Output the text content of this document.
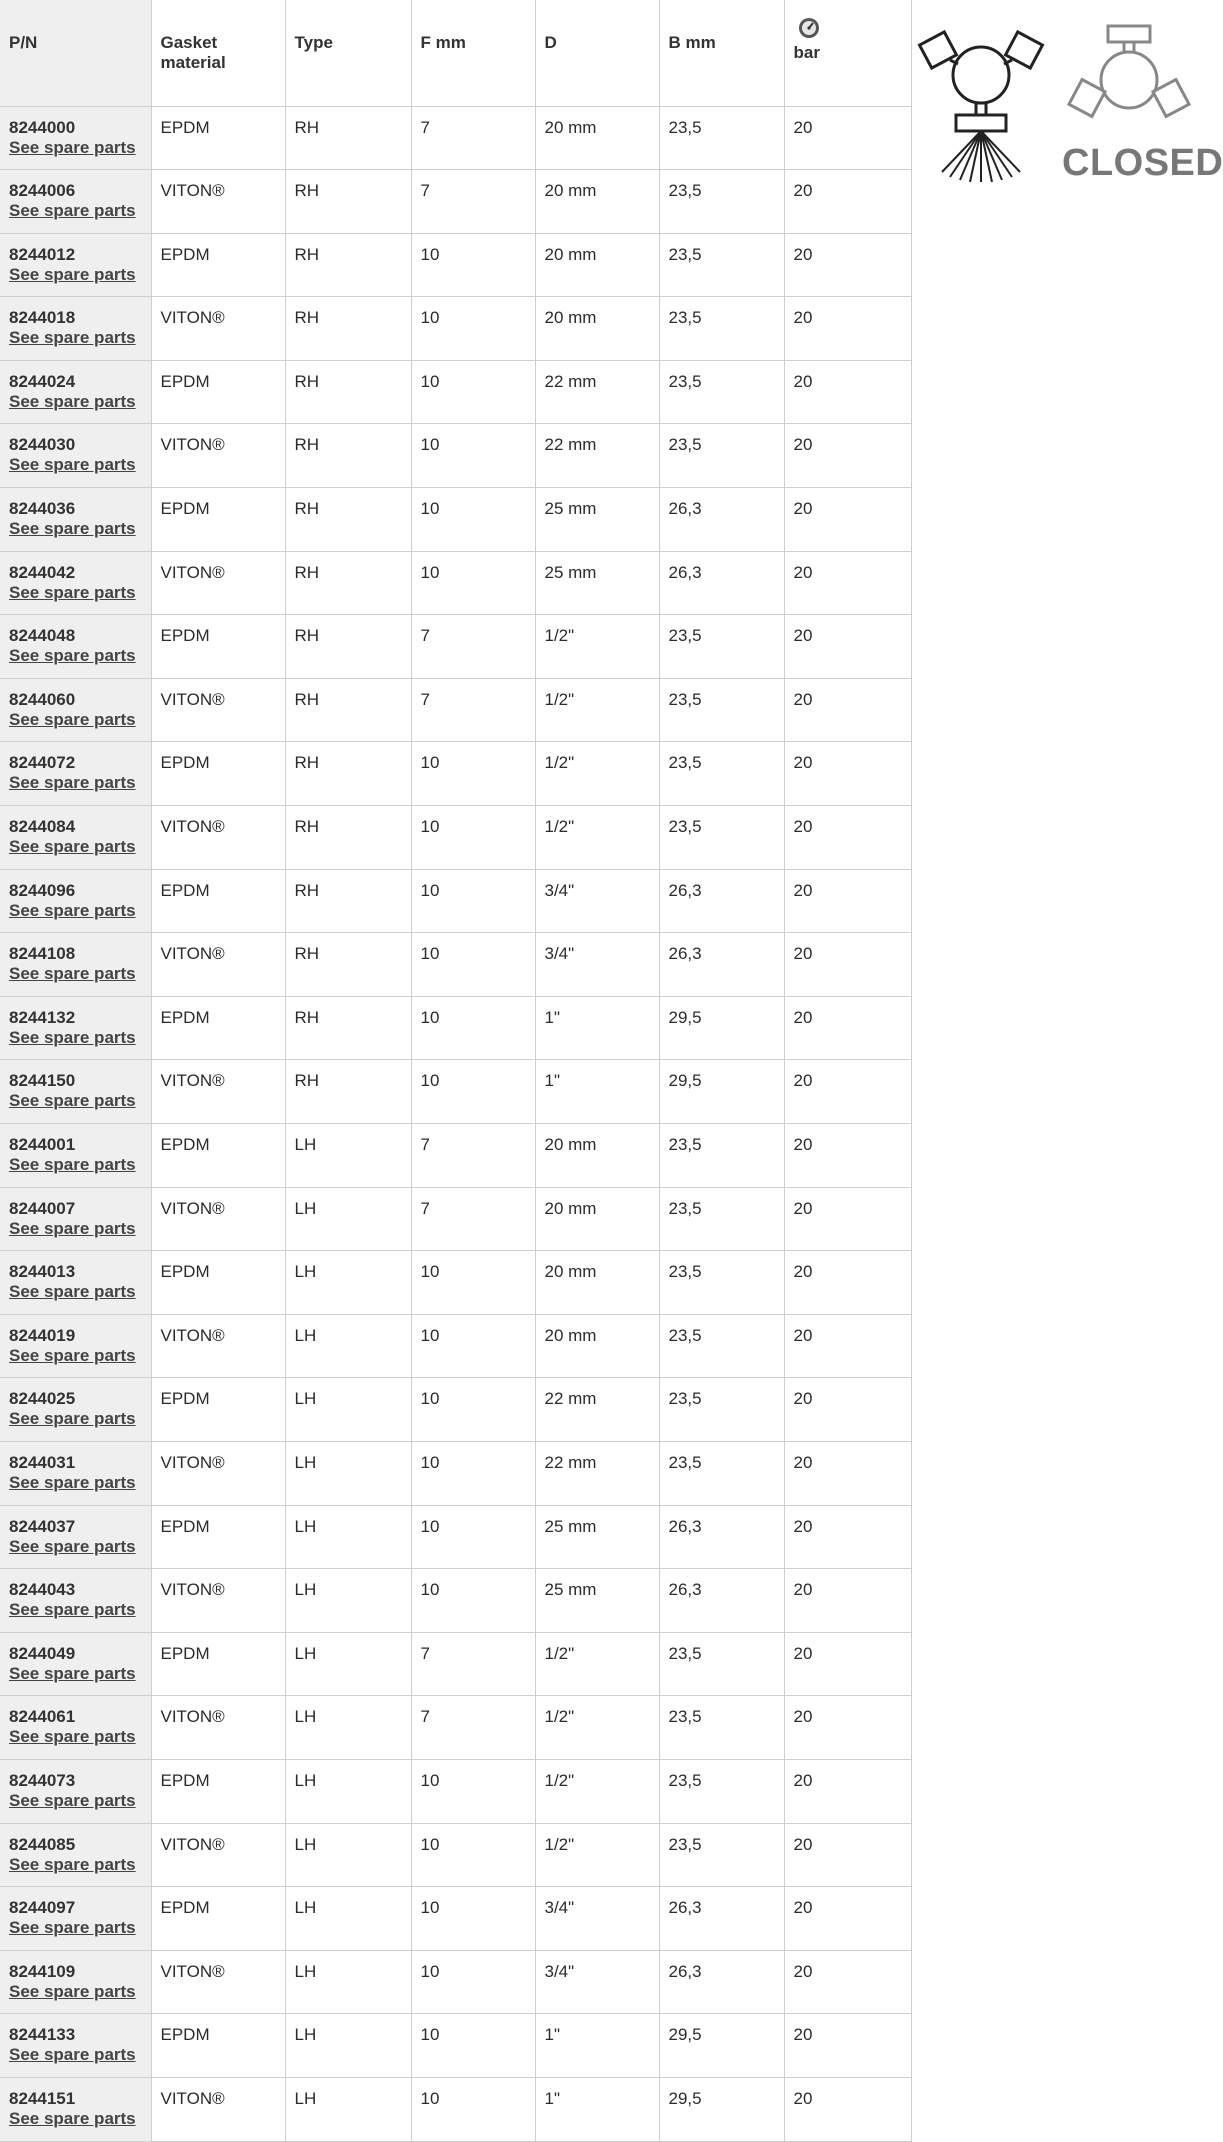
P/N	Gasket
material	Type	F mm	D	B mm	bar

8244000
See spare parts	EPDM	RH	7	20 mm	23,5	20

8244006
See spare parts	VITON®	RH	7	20 mm	23,5	20

8244012
See spare parts	EPDM	RH	10	20 mm	23,5	20

8244018
See spare parts	VITON®	RH	10	20 mm	23,5	20

8244024
See spare parts	EPDM	RH	10	22 mm	23,5	20

8244030
See spare parts	VITON®	RH	10	22 mm	23,5	20

8244036
See spare parts	EPDM	RH	10	25 mm	26,3	20

8244042
See spare parts	VITON®	RH	10	25 mm	26,3	20

8244048
See spare parts	EPDM	RH	7	1/2"	23,5	20

8244060
See spare parts	VITON®	RH	7	1/2"	23,5	20

8244072
See spare parts	EPDM	RH	10	1/2"	23,5	20

8244084
See spare parts	VITON®	RH	10	1/2"	23,5	20

8244096
See spare parts	EPDM	RH	10	3/4"	26,3	20

8244108
See spare parts	VITON®	RH	10	3/4"	26,3	20

8244132
See spare parts	EPDM	RH	10	1"	29,5	20

8244150
See spare parts	VITON®	RH	10	1"	29,5	20

8244001
See spare parts	EPDM	LH	7	20 mm	23,5	20

8244007
See spare parts	VITON®	LH	7	20 mm	23,5	20

8244013
See spare parts	EPDM	LH	10	20 mm	23,5	20

8244019
See spare parts	VITON®	LH	10	20 mm	23,5	20

8244025
See spare parts	EPDM	LH	10	22 mm	23,5	20

8244031
See spare parts	VITON®	LH	10	22 mm	23,5	20

8244037
See spare parts	EPDM	LH	10	25 mm	26,3	20

8244043
See spare parts	VITON®	LH	10	25 mm	26,3	20

8244049
See spare parts	EPDM	LH	7	1/2"	23,5	20

8244061
See spare parts	VITON®	LH	7	1/2"	23,5	20

8244073
See spare parts	EPDM	LH	10	1/2"	23,5	20

8244085
See spare parts	VITON®	LH	10	1/2"	23,5	20

8244097
See spare parts	EPDM	LH	10	3/4"	26,3	20

8244109
See spare parts	VITON®	LH	10	3/4"	26,3	20

8244133
See spare parts	EPDM	LH	10	1"	29,5	20

8244151
See spare parts	VITON®	LH	10	1"	29,5	20
CLOSED
